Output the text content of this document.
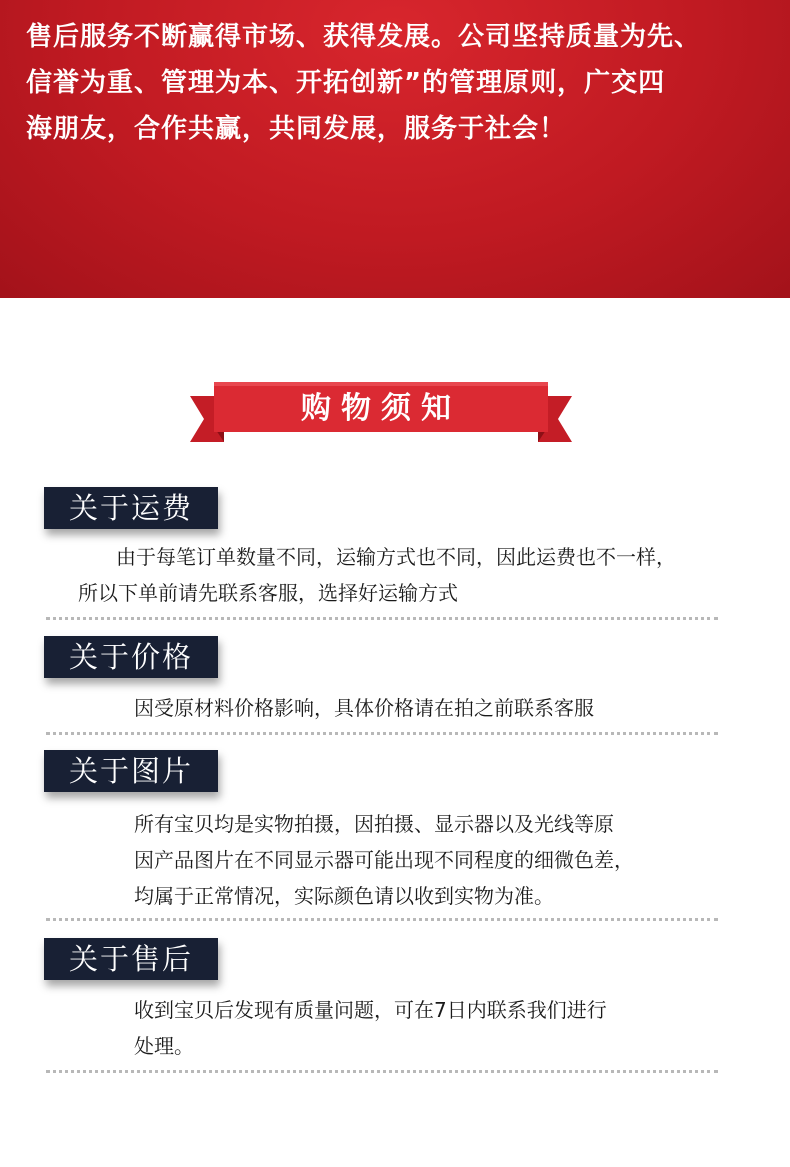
售后服务不断赢得市场、获得发展。公司坚持质量为先、
信誉为重、管理为本、开拓创新”的管理原则，广交四
海朋友，合作共赢，共同发展，服务于社会！
购物须知
关于运费
由于每笔订单数量不同，运输方式也不同，因此运费也不一样，
所以下单前请先联系客服，选择好运输方式
关于价格
因受原材料价格影响，具体价格请在拍之前联系客服
关于图片
所有宝贝均是实物拍摄，因拍摄、显示器以及光线等原
因产品图片在不同显示器可能出现不同程度的细微色差，
均属于正常情况，实际颜色请以收到实物为准。
关于售后
收到宝贝后发现有质量问题，可在7日内联系我们进行
处理。
